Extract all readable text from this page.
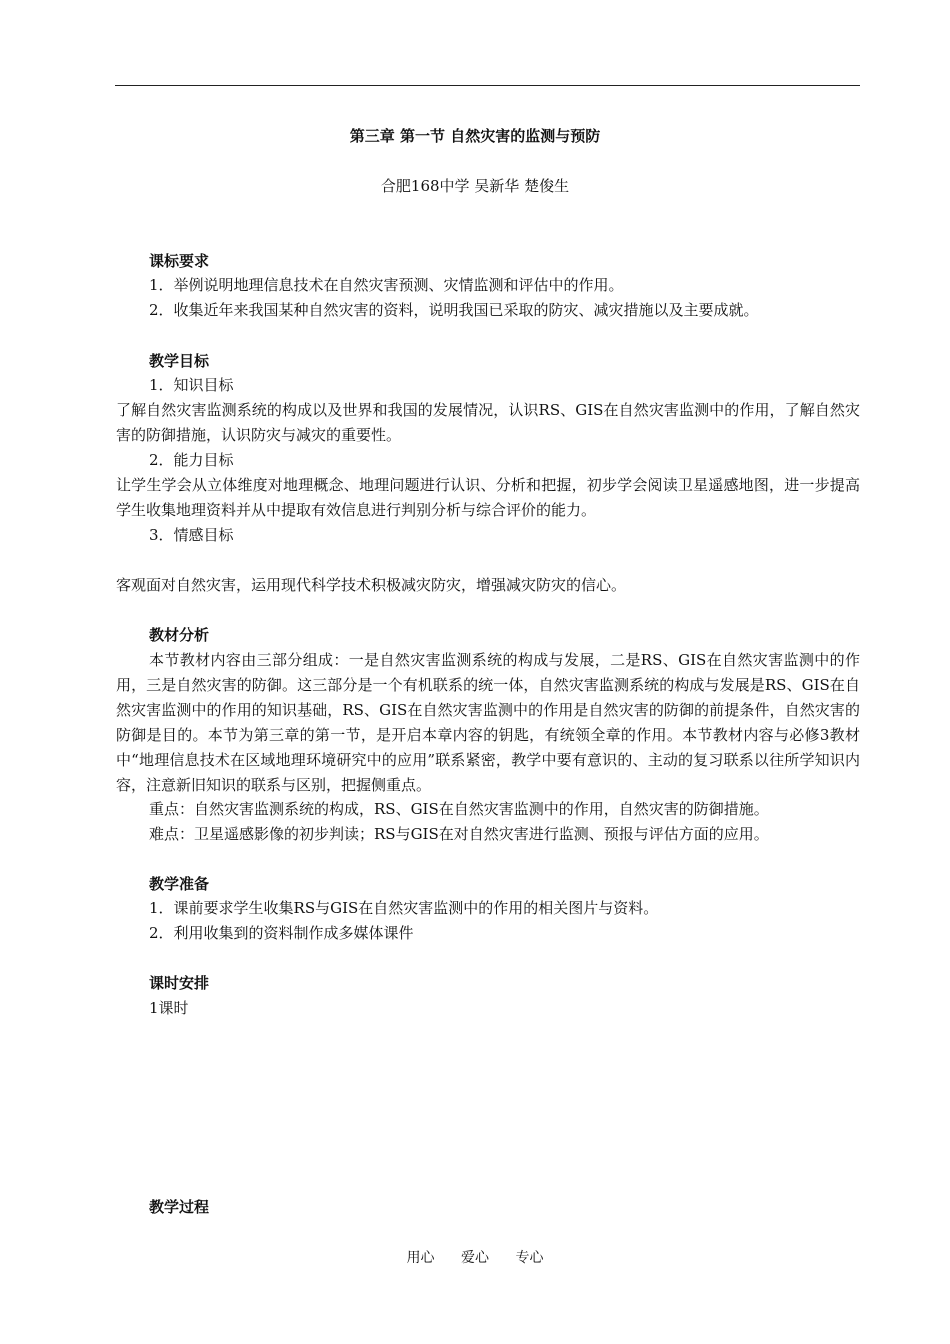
第三章 第一节 自然灾害的监测与预防
合肥168中学 吴新华 楚俊生
课标要求
1．举例说明地理信息技术在自然灾害预测、灾情监测和评估中的作用。
2．收集近年来我国某种自然灾害的资料，说明我国已采取的防灾、减灾措施以及主要成就。
教学目标
1．知识目标
了解自然灾害监测系统的构成以及世界和我国的发展情况，认识RS、GIS在自然灾害监测中的作用，了解自然灾害的防御措施，认识防灾与减灾的重要性。
2．能力目标
让学生学会从立体维度对地理概念、地理问题进行认识、分析和把握，初步学会阅读卫星遥感地图，进一步提高学生收集地理资料并从中提取有效信息进行判别分析与综合评价的能力。
3．情感目标
客观面对自然灾害，运用现代科学技术积极减灾防灾，增强减灾防灾的信心。
教材分析
本节教材内容由三部分组成：一是自然灾害监测系统的构成与发展，二是RS、GIS在自然灾害监测中的作用，三是自然灾害的防御。这三部分是一个有机联系的统一体，自然灾害监测系统的构成与发展是RS、GIS在自然灾害监测中的作用的知识基础，RS、GIS在自然灾害监测中的作用是自然灾害的防御的前提条件，自然灾害的防御是目的。本节为第三章的第一节，是开启本章内容的钥匙，有统领全章的作用。本节教材内容与必修3教材中“地理信息技术在区域地理环境研究中的应用”联系紧密，教学中要有意识的、主动的复习联系以往所学知识内容，注意新旧知识的联系与区别，把握侧重点。
重点：自然灾害监测系统的构成，RS、GIS在自然灾害监测中的作用，自然灾害的防御措施。
难点：卫星遥感影像的初步判读；RS与GIS在对自然灾害进行监测、预报与评估方面的应用。
教学准备
1．课前要求学生收集RS与GIS在自然灾害监测中的作用的相关图片与资料。
2．利用收集到的资料制作成多媒体课件
课时安排
1课时
教学过程
用心 爱心 专心
